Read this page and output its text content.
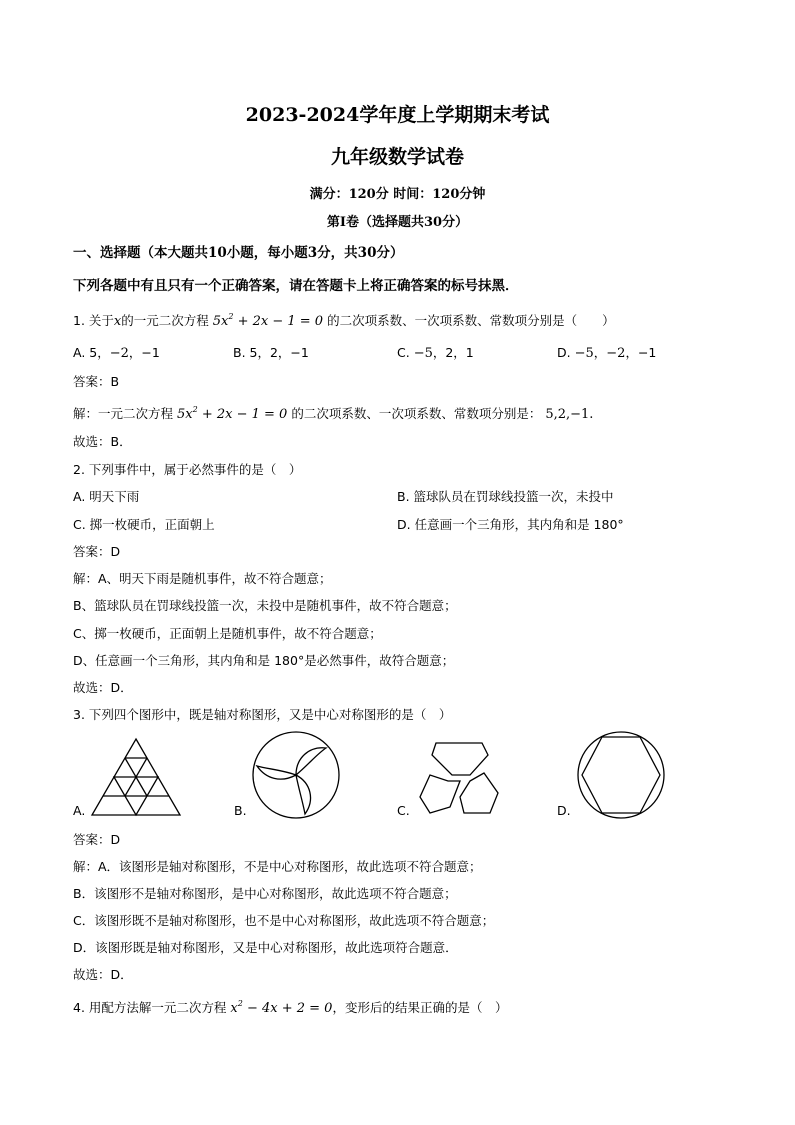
2023-2024学年度上学期期末考试
九年级数学试卷
满分：120分 时间：120分钟
第Ⅰ卷（选择题共30分）
一、选择题（本大题共10小题，每小题3分，共30分）
下列各题中有且只有一个正确答案，请在答题卡上将正确答案的标号抹黑．
1. 关于x的一元二次方程 $5x^2 + 2x - 1 = 0$ 的二次项系数、一次项系数、常数项分别是（　　）
A. 5，−2，−1	B. 5，2，−1	C. −5，2，1	D. −5，−2，−1
答案：B
解：一元二次方程 $5x^2 + 2x - 1 = 0$ 的二次项系数、一次项系数、常数项分别是： 5,2,−1.
故选：B．
2. 下列事件中，属于必然事件的是（　）
A. 明天下雨	B. 篮球队员在罚球线投篮一次，未投中
C. 掷一枚硬币，正面朝上	D. 任意画一个三角形，其内角和是 180°
答案：D
解：A、明天下雨是随机事件，故不符合题意；
B、篮球队员在罚球线投篮一次，未投中是随机事件，故不符合题意；
C、掷一枚硬币，正面朝上是随机事件，故不符合题意；
D、任意画一个三角形，其内角和是 180°是必然事件，故符合题意；
故选：D．
3. 下列四个图形中，既是轴对称图形，又是中心对称图形的是（　）
A.	B.	C.	D.
答案：D
解：A．该图形是轴对称图形，不是中心对称图形，故此选项不符合题意；
B．该图形不是轴对称图形，是中心对称图形，故此选项不符合题意；
C．该图形既不是轴对称图形，也不是中心对称图形，故此选项不符合题意；
D．该图形既是轴对称图形，又是中心对称图形，故此选项符合题意．
故选：D．
4. 用配方法解一元二次方程 $x^2 - 4x + 2 = 0$，变形后的结果正确的是（　）
